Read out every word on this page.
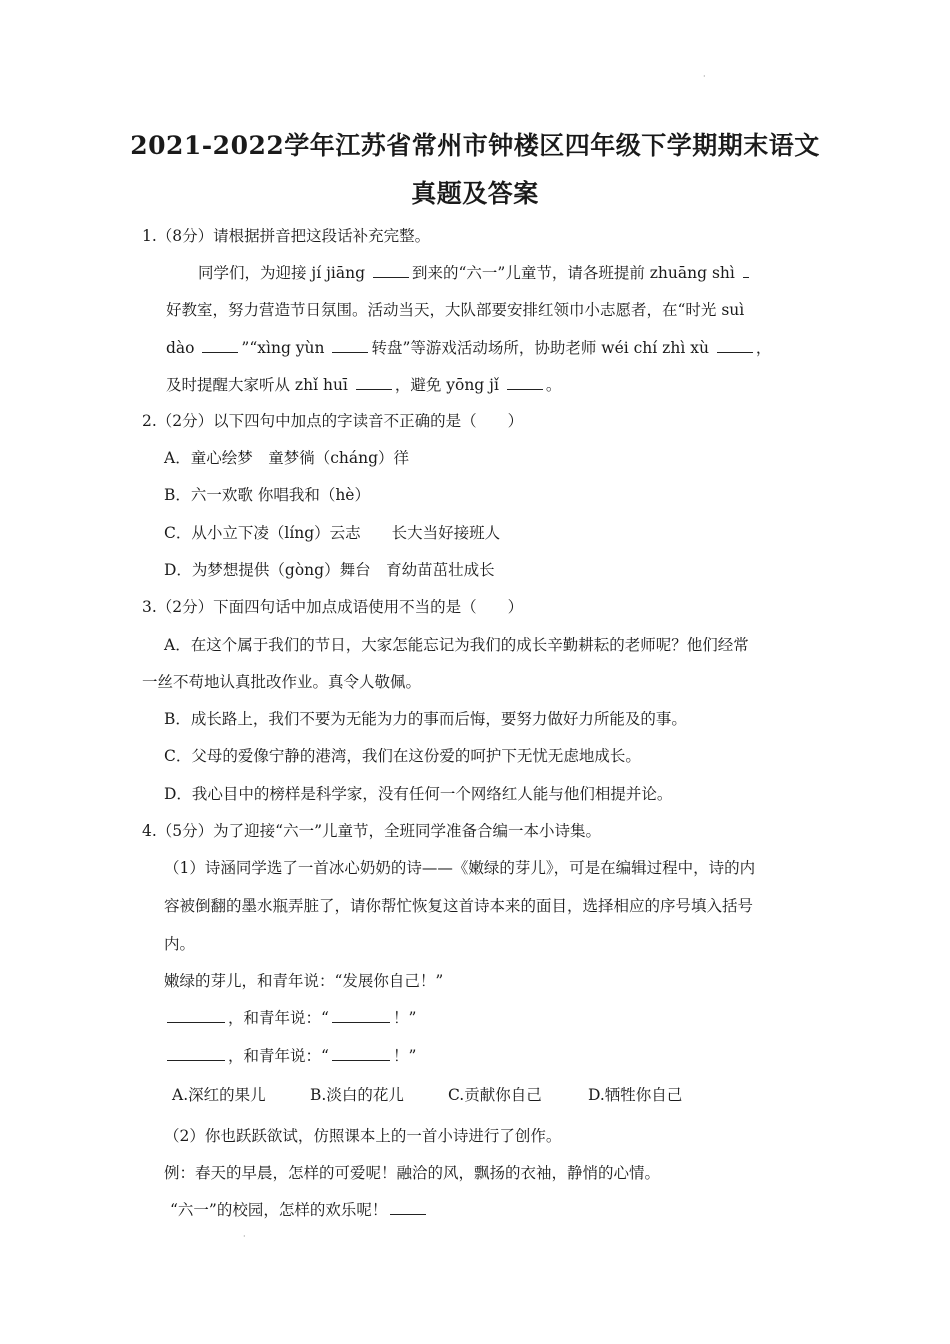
·
2021-2022学年江苏省常州市钟楼区四年级下学期期末语文
真题及答案
1.（8分）请根据拼音把这段话补充完整。
同学们，为迎接 jí jiāng	到来的“六一”儿童节，请各班提前 zhuāng shì
好教室，努力营造节日氛围。活动当天，大队部要安排红领巾小志愿者，在“时光 suì
dào	”“xìng yùn	转盘”等游戏活动场所，协助老师 wéi chí zhì xù	，
及时提醒大家听从 zhǐ huī	，避免 yōng jǐ	。
2.（2分）以下四句中加点的字读音不正确的是（　　）
A．童心绘梦　童梦徜（cháng）徉
B．六一欢歌 你唱我和（hè）
C．从小立下凌（líng）云志　　长大当好接班人
D．为梦想提供（gòng）舞台　育幼苗茁壮成长
3.（2分）下面四句话中加点成语使用不当的是（　　）
A．在这个属于我们的节日，大家怎能忘记为我们的成长辛勤耕耘的老师呢？他们经常
一丝不苟地认真批改作业。真令人敬佩。
B．成长路上，我们不要为无能为力的事而后悔，要努力做好力所能及的事。
C．父母的爱像宁静的港湾，我们在这份爱的呵护下无忧无虑地成长。
D．我心目中的榜样是科学家，没有任何一个网络红人能与他们相提并论。
4.（5分）为了迎接“六一”儿童节，全班同学准备合编一本小诗集。
（1）诗涵同学选了一首冰心奶奶的诗——《嫩绿的芽儿》，可是在编辑过程中，诗的内
容被倒翻的墨水瓶弄脏了，请你帮忙恢复这首诗本来的面目，选择相应的序号填入括号
内。
嫩绿的芽儿，和青年说：“发展你自己！”
，和青年说：“	！”
，和青年说：“	！”
A.深红的果儿	B.淡白的花儿	C.贡献你自己	D.牺牲你自己
（2）你也跃跃欲试，仿照课本上的一首小诗进行了创作。
例：春天的早晨，怎样的可爱呢！融洽的风，飘扬的衣袖，静悄的心情。
“六一”的校园，怎样的欢乐呢！
·
